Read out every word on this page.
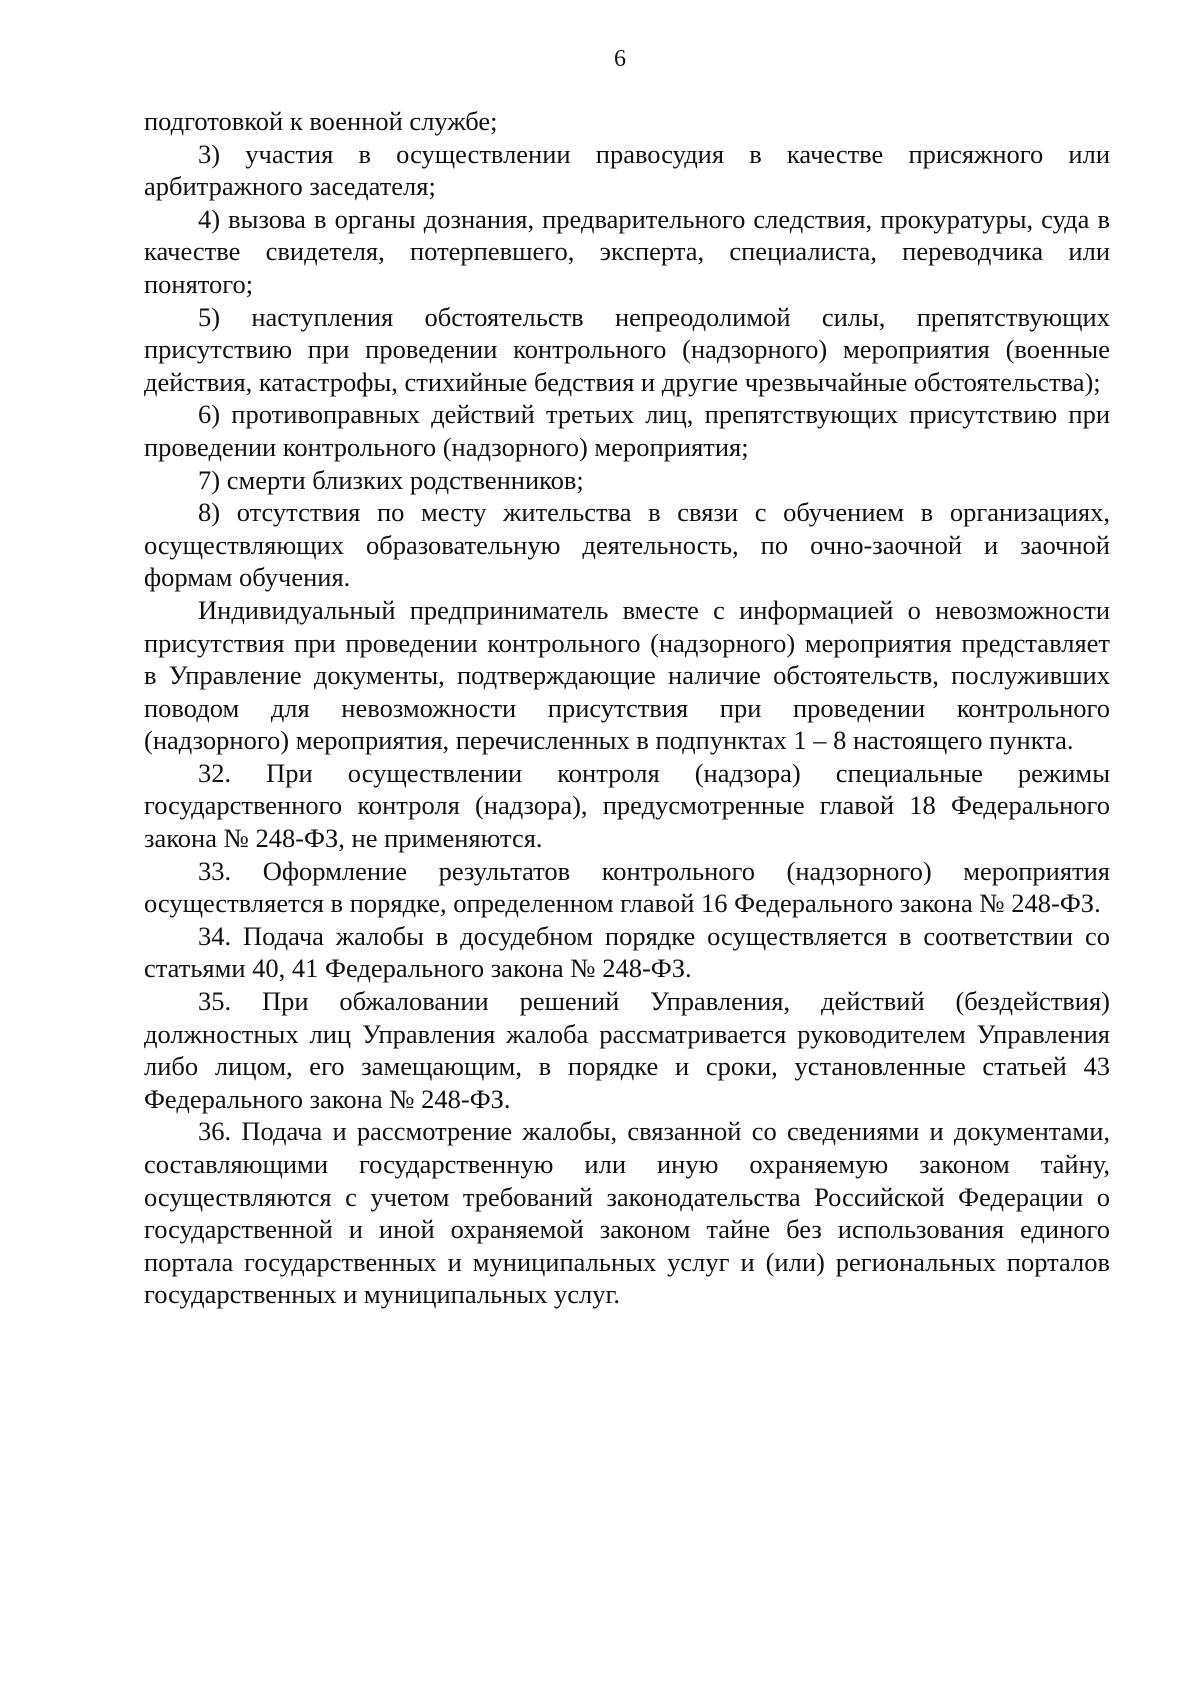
6

подготовкой к военной службе;

3) участия в осуществлении правосудия в качестве присяжного или арбитражного заседателя;

4) вызова в органы дознания, предварительного следствия, прокуратуры, суда в качестве свидетеля, потерпевшего, эксперта, специалиста, переводчика или понятого;

5) наступления обстоятельств непреодолимой силы, препятствующих присутствию при проведении контрольного (надзорного) мероприятия (военные действия, катастрофы, стихийные бедствия и другие чрезвычайные обстоятельства);

6) противоправных действий третьих лиц, препятствующих присутствию при проведении контрольного (надзорного) мероприятия;

7) смерти близких родственников;

8) отсутствия по месту жительства в связи с обучением в организациях, осуществляющих образовательную деятельность, по очно-заочной и заочной формам обучения.

Индивидуальный предприниматель вместе с информацией о невозможности присутствия при проведении контрольного (надзорного) мероприятия представляет в Управление документы, подтверждающие наличие обстоятельств, послуживших поводом для невозможности присутствия при проведении контрольного (надзорного) мероприятия, перечисленных в подпунктах 1 – 8 настоящего пункта.

32. При осуществлении контроля (надзора) специальные режимы государственного контроля (надзора), предусмотренные главой 18 Федерального закона № 248-ФЗ, не применяются.

33. Оформление результатов контрольного (надзорного) мероприятия осуществляется в порядке, определенном главой 16 Федерального закона № 248-ФЗ.

34. Подача жалобы в досудебном порядке осуществляется в соответствии со статьями 40, 41 Федерального закона № 248-ФЗ.

35. При обжаловании решений Управления, действий (бездействия) должностных лиц Управления жалоба рассматривается руководителем Управления либо лицом, его замещающим, в порядке и сроки, установленные статьей 43 Федерального закона № 248-ФЗ.

36. Подача и рассмотрение жалобы, связанной со сведениями и документами, составляющими государственную или иную охраняемую законом тайну, осуществляются с учетом требований законодательства Российской Федерации о государственной и иной охраняемой законом тайне без использования единого портала государственных и муниципальных услуг и (или) региональных порталов государственных и муниципальных услуг.
